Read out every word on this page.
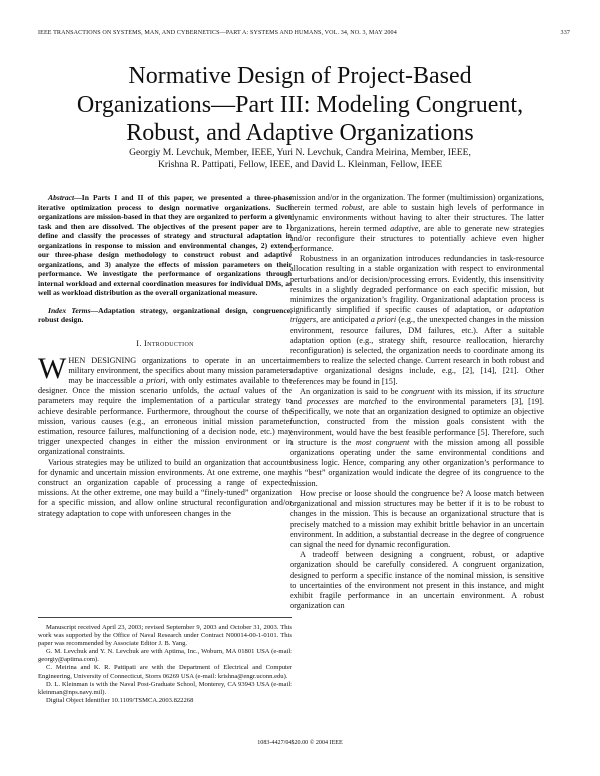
IEEE TRANSACTIONS ON SYSTEMS, MAN, AND CYBERNETICS—PART A: SYSTEMS AND HUMANS, VOL. 34, NO. 3, MAY 2004	337
Normative Design of Project-Based
Organizations—Part III: Modeling Congruent,
Robust, and Adaptive Organizations
Georgiy M. Levchuk, Member, IEEE, Yuri N. Levchuk, Candra Meirina, Member, IEEE,
Krishna R. Pattipati, Fellow, IEEE, and David L. Kleinman, Fellow, IEEE

Abstract—In Parts I and II of this paper, we presented a three-phase iterative optimization process to design normative organizations. Such organizations are mission-based in that they are organized to perform a given task and then are dissolved. The objectives of the present paper are to 1) define and classify the processes of strategy and structural adaptation in organizations in response to mission and environmental changes, 2) extend our three-phase design methodology to construct robust and adaptive organizations, and 3) analyze the effects of mission parameters on their performance. We investigate the performance of organizations through internal workload and external coordination measures for individual DMs, as well as workload distribution as the overall organizational measure.

Index Terms—Adaptation strategy, organizational design, congruence, robust design.

I. Introduction

WHEN DESIGNING organizations to operate in an uncertain military environment, the specifics about many mission parameters may be inaccessible a priori, with only estimates available to the designer. Once the mission scenario unfolds, the actual values of the parameters may require the implementation of a particular strategy to achieve desirable performance. Furthermore, throughout the course of the mission, various causes (e.g., an erroneous initial mission parameter estimation, resource failures, malfunctioning of a decision node, etc.) may trigger unexpected changes in either the mission environment or in organizational constraints.

Various strategies may be utilized to build an organization that accounts for dynamic and uncertain mission environments. At one extreme, one may construct an organization capable of processing a range of expected missions. At the other extreme, one may build a “finely-tuned” organization for a specific mission, and allow online structural reconfiguration and/or strategy adaptation to cope with unforeseen changes in the

Manuscript received April 23, 2003; revised September 9, 2003 and October 31, 2003. This work was supported by the Office of Naval Research under Contract N00014-00-1-0101. This paper was recommended by Associate Editor J. B. Yang.

G. M. Levchuk and Y. N. Levchuk are with Aptima, Inc., Woburn, MA 01801 USA (e-mail: georgiy@aptima.com).

C. Meirina and K. R. Pattipati are with the Department of Electrical and Computer Engineering, University of Connecticut, Storrs 06269 USA (e-mail: krishna@engr.uconn.edu).

D. L. Kleinman is with the Naval Post-Graduate School, Monterey, CA 93943 USA (e-mail: kleinman@nps.navy.mil).

Digital Object Identifier 10.1109/TSMCA.2003.822268

mission and/or in the organization. The former (multimission) organizations, herein termed robust, are able to sustain high levels of performance in dynamic environments without having to alter their structures. The latter organizations, herein termed adaptive, are able to generate new strategies and/or reconfigure their structures to potentially achieve even higher performance.

Robustness in an organization introduces redundancies in task-resource allocation resulting in a stable organization with respect to environmental perturbations and/or decision/processing errors. Evidently, this insensitivity results in a slightly degraded performance on each specific mission, but minimizes the organization’s fragility. Organizational adaptation process is significantly simplified if specific causes of adaptation, or adaptation triggers, are anticipated a priori (e.g., the unexpected changes in the mission environment, resource failures, DM failures, etc.). After a suitable adaptation option (e.g., strategy shift, resource reallocation, hierarchy reconfiguration) is selected, the organization needs to coordinate among its members to realize the selected change. Current research in both robust and adaptive organizational designs include, e.g., [2], [14], [21]. Other references may be found in [15].

An organization is said to be congruent with its mission, if its structure and processes are matched to the environmental parameters [3], [19]. Specifically, we note that an organization designed to optimize an objective function, constructed from the mission goals consistent with the environment, would have the best feasible performance [5]. Therefore, such a structure is the most congruent with the mission among all possible organizations operating under the same environmental conditions and business logic. Hence, comparing any other organization’s performance to this “best” organization would indicate the degree of its congruence to the mission.

How precise or loose should the congruence be? A loose match between organizational and mission structures may be better if it is to be robust to changes in the mission. This is because an organizational structure that is precisely matched to a mission may exhibit brittle behavior in an uncertain environment. In addition, a substantial decrease in the degree of congruence can signal the need for dynamic reconfiguration.

A tradeoff between designing a congruent, robust, or adaptive organization should be carefully considered. A congruent organization, designed to perform a specific instance of the nominal mission, is sensitive to uncertainties of the environment not present in this instance, and might exhibit fragile performance in an uncertain environment. A robust organization can

1083-4427/04$20.00 © 2004 IEEE
